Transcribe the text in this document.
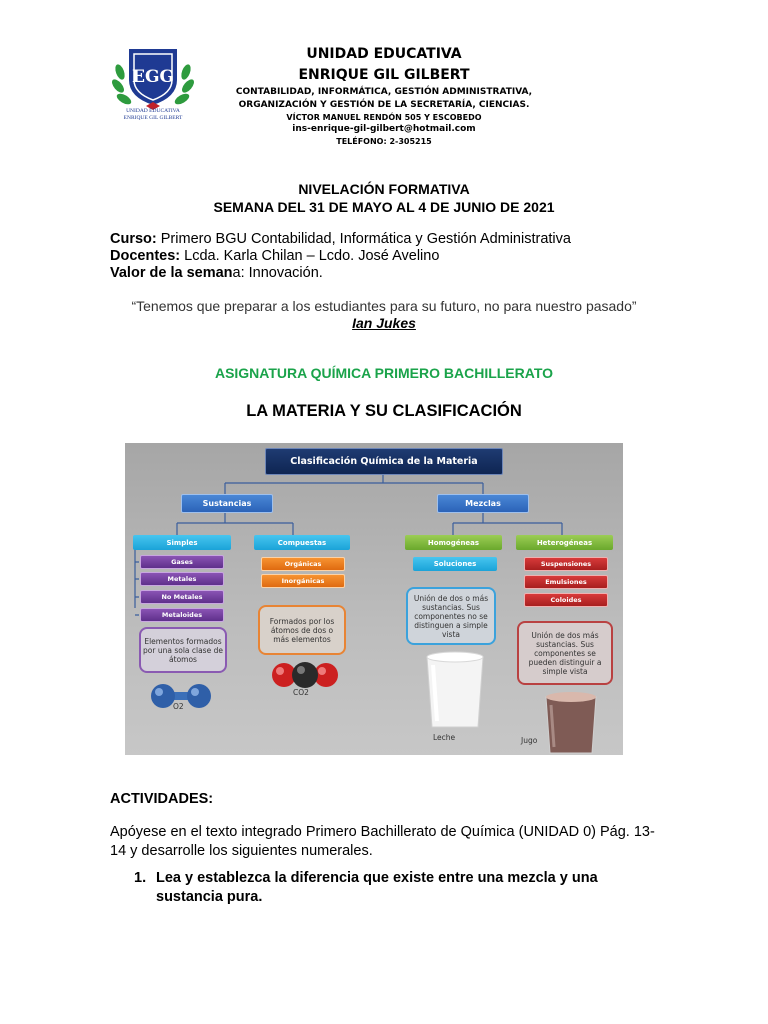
EGG
UNIDAD EDUCATIVA
ENRIQUE GIL GILBERT
UNIDAD EDUCATIVA
ENRIQUE GIL GILBERT
CONTABILIDAD, INFORMÁTICA, GESTIÓN ADMINISTRATIVA,
ORGANIZACIÓN Y GESTIÓN DE LA SECRETARÍA, CIENCIAS.
VÍCTOR MANUEL RENDÓN 505 Y ESCOBEDO
ins-enrique-gil-gilbert@hotmail.com
TELÉFONO: 2-305215
NIVELACIÓN FORMATIVA
SEMANA DEL 31 DE MAYO AL 4 DE JUNIO DE 2021
Curso: Primero BGU Contabilidad, Informática y Gestión Administrativa
Docentes: Lcda. Karla Chilan – Lcdo. José Avelino
Valor de la semana: Innovación.
“Tenemos que preparar a los estudiantes para su futuro, no para nuestro pasado”
Ian Jukes
ASIGNATURA QUÍMICA PRIMERO BACHILLERATO
LA MATERIA Y SU CLASIFICACIÓN
Clasificación Química de la Materia
Sustancias	Mezclas
Simples	Compuestas	Homogéneas	Heterogéneas
Gases
Metales
No Metales
Metaloides
Orgánicas
Inorgánicas
Soluciones	Suspensiones
Emulsiones
Coloides
Elementos formados por una sola clase de átomos
Formados por los átomos de dos o más elementos
Unión de dos o más sustancias. Sus componentes no se distinguen a simple vista	Unión de dos más sustancias. Sus componentes se pueden distinguir a simple vista
O2
CO2
Leche	Jugo
ACTIVIDADES:
Apóyese en el texto integrado Primero Bachillerato de Química (UNIDAD 0) Pág. 13-14 y desarrolle los siguientes numerales.
1. Lea y establezca la diferencia que existe entre una mezcla y una sustancia pura.
